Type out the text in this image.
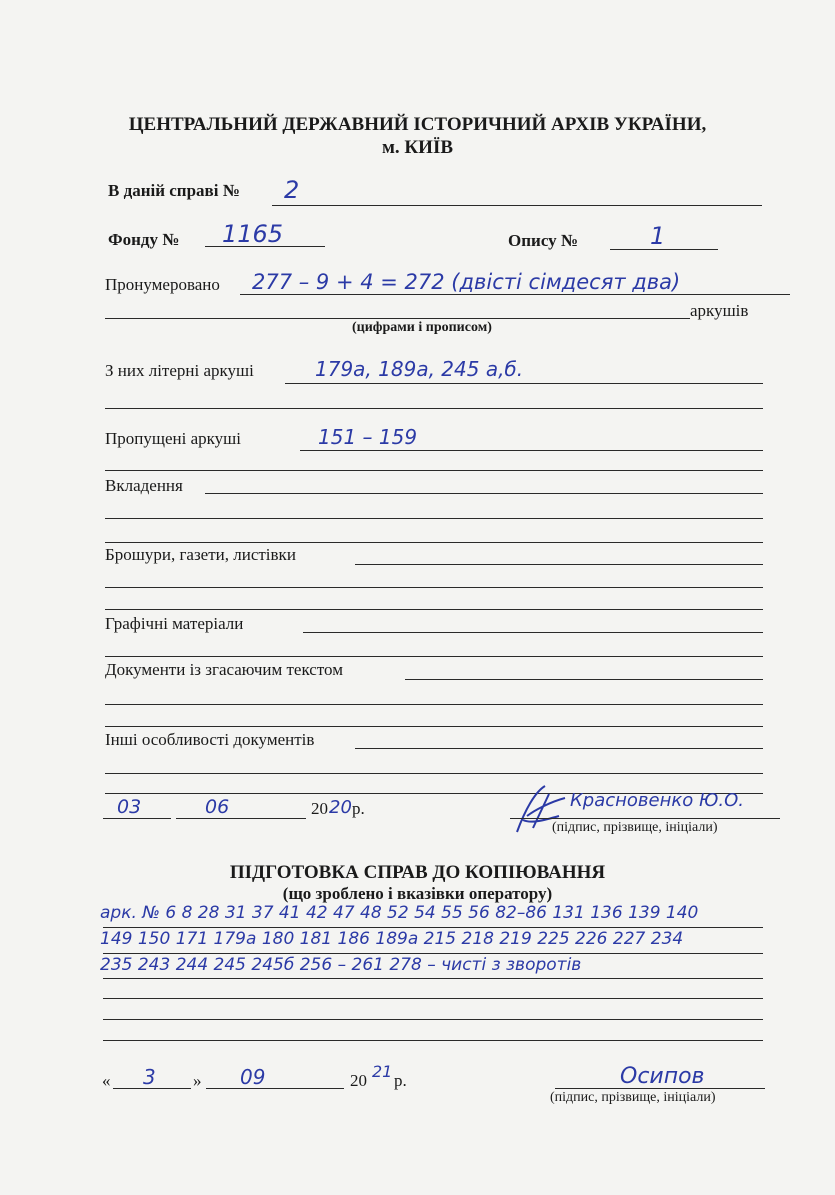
ЦЕНТРАЛЬНИЙ ДЕРЖАВНИЙ ІСТОРИЧНИЙ АРХІВ УКРАЇНИ,
м. КИЇВ
В даній справі № 2
Фонду № 1165	Опису №	1
Пронумеровано 277 – 9 + 4 = 272 (двісті сімдесят два)
аркушів
(цифрами і прописом)
З них літерні аркуші	179а, 189а, 245 а,б.
Пропущені аркуші	151 – 159
Вкладення
Брошури, газети, листівки
Графічні матеріали
Документи із згасаючим текстом
Інші особливості документів
03	06	20 20 р.	Красновенко Ю.О.
(підпис, прізвище, ініціали)
ПІДГОТОВКА СПРАВ ДО КОПІЮВАННЯ
(що зроблено і вказівки оператору)
арк. № 6 8 28 31 37 41 42 47 48 52 54 55 56 82–86 131 136 139 140
149 150 171 179а 180 181 186 189а 215 218 219 225 226 227 234
235 243 244 245 245б 256 – 261 278 – чисті з зворотів
« 3 » 09	20 21 р.	Осипов
(підпис, прізвище, ініціали)
